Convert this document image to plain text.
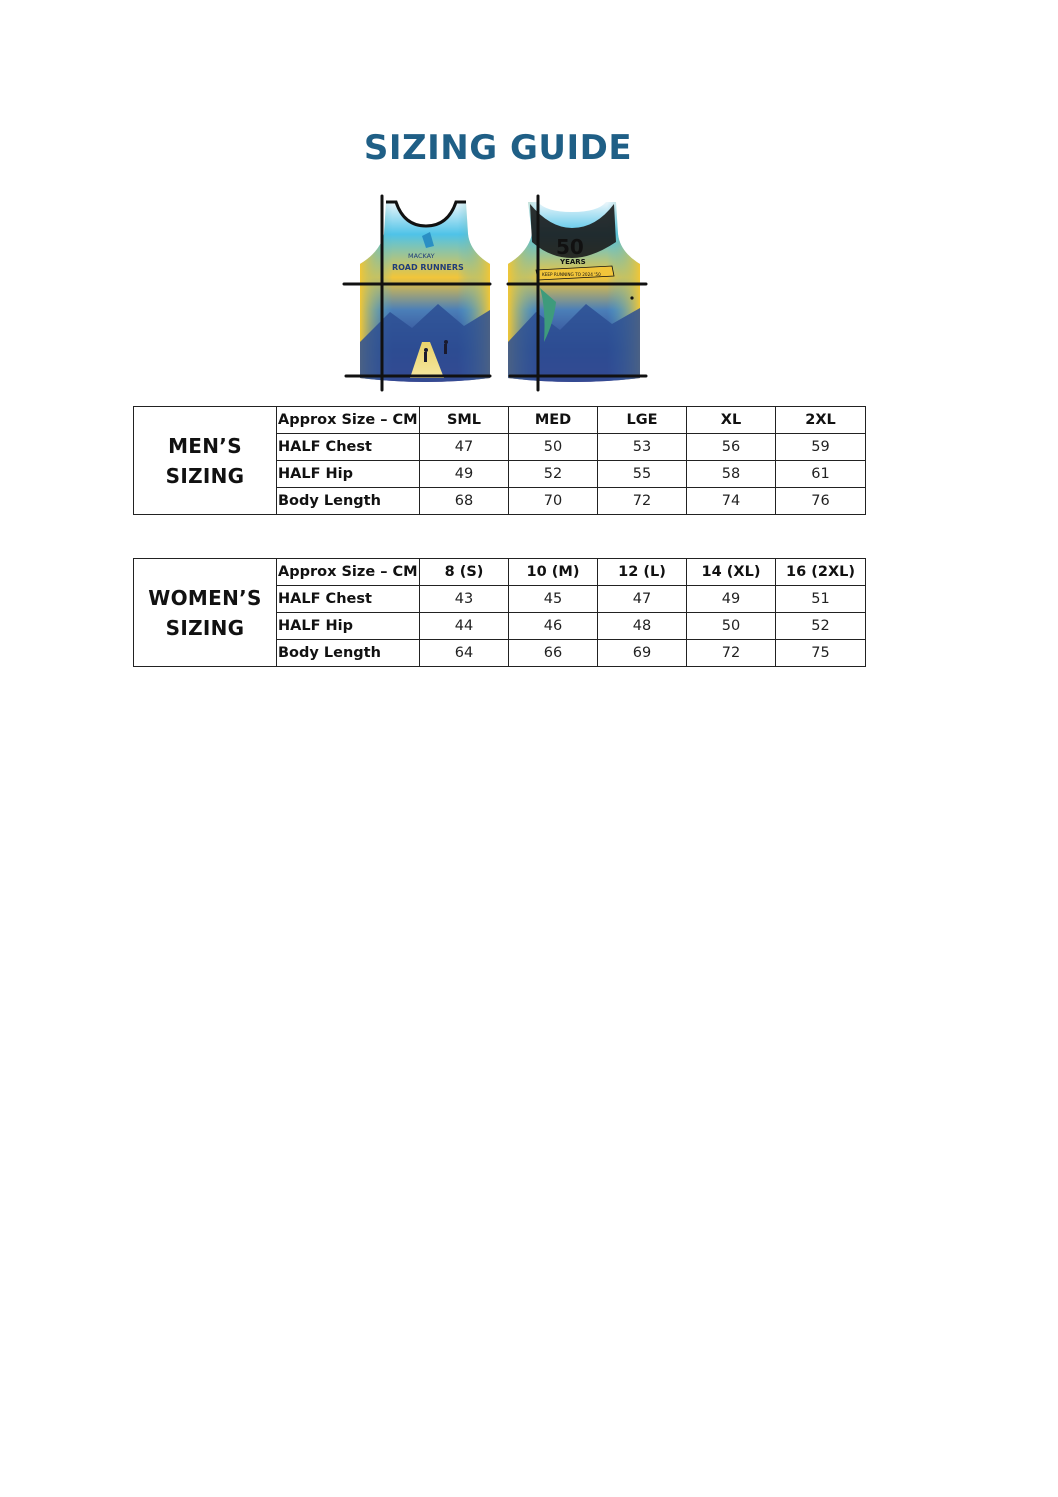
SIZING GUIDE
MACKAY
ROAD RUNNERS
50
YEARS
KEEP RUNNING TO 2024 '50
MEN’S
SIZING	Approx Size – CM	SML	MED	LGE	XL	2XL
	HALF Chest	47	50	53	56	59
	HALF Hip	49	52	55	58	61
	Body Length	68	70	72	74	76
WOMEN’S
SIZING	Approx Size – CM	8 (S)	10 (M)	12 (L)	14 (XL)	16 (2XL)
	HALF Chest	43	45	47	49	51
	HALF Hip	44	46	48	50	52
	Body Length	64	66	69	72	75
